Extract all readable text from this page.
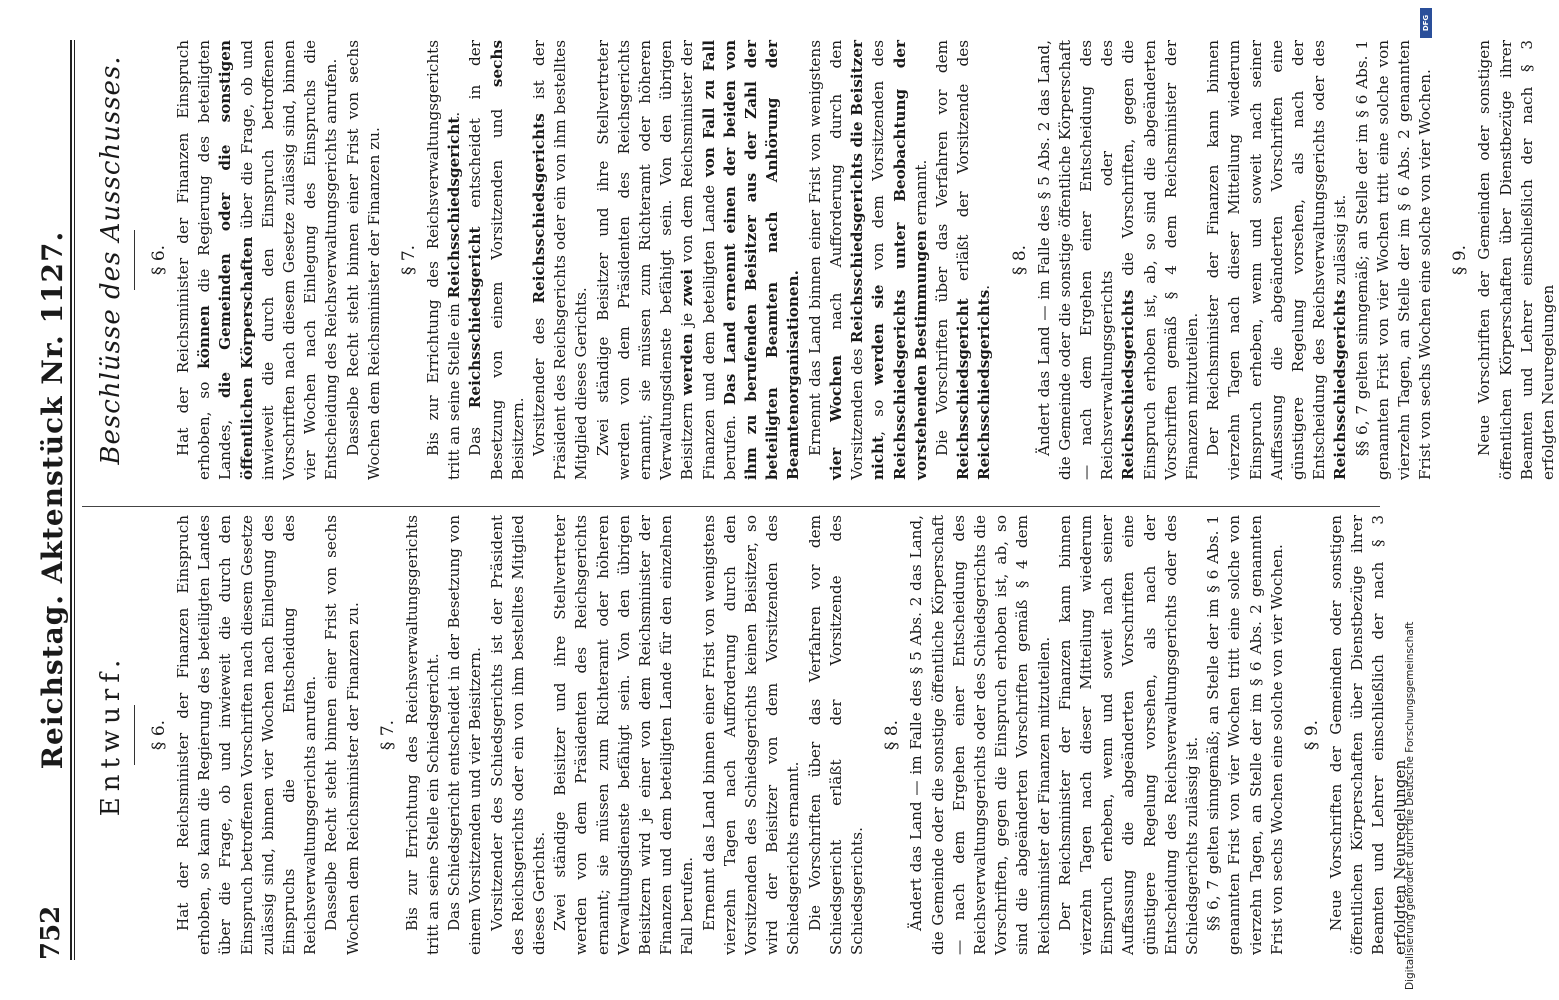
752
Reichstag. Aktenstück Nr. 1127. Entwurf. § 6. Hat der Reichsminister der Finanzen Einspruch erhoben, so kann die Regierung des beteiligten Landes über die Frage, ob und inwieweit die durch den Einspruch betroffenen Vorschriften nach diesem Gesetze zulässig sind, binnen vier Wochen nach Einlegung des Einspruchs die Entscheidung des Reichsverwaltungsgerichts anrufen. Dasselbe Recht steht binnen einer Frist von sechs Wochen dem Reichsminister der Finanzen zu. § 7. Bis zur Errichtung des Reichsverwaltungsgerichts tritt an seine Stelle ein Schiedsgericht. Das Schiedsgericht entscheidet in der Besetzung von einem Vorsitzenden und vier Beisitzern. Vorsitzender des Schiedsgerichts ist der Präsident des Reichsgerichts oder ein von ihm bestelltes Mitglied dieses Gerichts. Zwei ständige Beisitzer und ihre Stellvertreter werden von dem Präsidenten des Reichsgerichts ernannt; sie müssen zum Richteramt oder höheren Verwaltungsdienste befähigt sein. Von den übrigen Beisitzern wird je einer von dem Reichsminister der Finanzen und dem beteiligten Lande für den einzelnen Fall berufen. Ernennt das Land binnen einer Frist von wenigstens vierzehn Tagen nach Aufforderung durch den Vorsitzenden des Schiedsgerichts keinen Beisitzer, so wird der Beisitzer von dem Vorsitzenden des Schiedsgerichts ernannt. Die Vorschriften über das Verfahren vor dem Schiedsgericht erläßt der Vorsitzende des Schiedsgerichts.

§ 8. Ändert das Land — im Falle des § 5 Abs. 2 das Land, die Gemeinde oder die sonstige öffentliche Körperschaft — nach dem Ergehen einer Entscheidung des Reichsverwaltungsgerichts oder des Schiedsgerichts die Vorschriften, gegen die Einspruch erhoben ist, ab, so sind die abgeänderten Vorschriften gemäß § 4 dem Reichsminister der Finanzen mitzuteilen. Der Reichsminister der Finanzen kann binnen vierzehn Tagen nach dieser Mitteilung wiederum Einspruch erheben, wenn und soweit nach seiner Auffassung die abgeänderten Vorschriften eine günstigere Regelung vorsehen, als nach der Entscheidung des Reichsverwaltungsgerichts oder des Schiedsgerichts zulässig ist. §§ 6, 7 gelten sinngemäß; an Stelle der im § 6 Abs. 1 genannten Frist von vier Wochen tritt eine solche von vierzehn Tagen, an Stelle der im § 6 Abs. 2 genannten Frist von sechs Wochen eine solche von vier Wochen. § 9. Neue Vorschriften der Gemeinden oder sonstigen öffentlichen Körperschaften über Dienstbezüge ihrer Beamten und Lehrer einschließlich der nach § 3 erfolgten Neuregelungen

Beschlüsse des Ausschusses. § 6. Hat der Reichsminister der Finanzen Einspruch erhoben, so können die Regierung des beteiligten Landes, die Gemeinden oder die sonstigen öffentlichen Körperschaften über die Frage, ob und inwieweit die durch den Einspruch betroffenen Vorschriften nach diesem Gesetze zulässig sind, binnen vier Wochen nach Einlegung des Einspruchs die Entscheidung des Reichsverwaltungsgerichts anrufen. Dasselbe Recht steht binnen einer Frist von sechs Wochen dem Reichsminister der Finanzen zu. § 7. Bis zur Errichtung des Reichsverwaltungsgerichts tritt an seine Stelle ein Reichsschiedsgericht.

Das Reichsschiedsgericht entscheidet in der Besetzung von einem Vorsitzenden und sechs Beisitzern. Vorsitzender des Reichsschiedsgerichts ist der Präsident des Reichsgerichts oder ein von ihm bestelltes Mitglied dieses Gerichts. Zwei ständige Beisitzer und ihre Stellvertreter werden von dem Präsidenten des Reichsgerichts ernannt; sie müssen zum Richteramt oder höheren Verwaltungsdienste befähigt sein. Von den übrigen Beisitzern werden je zwei von dem Reichsminister der Finanzen und dem beteiligten Lande von Fall zu Fall berufen. Das Land ernennt einen der beiden von ihm zu berufenden Beisitzer aus der Zahl der beteiligten Beamten nach Anhörung der Beamtenorganisationen. Ernennt das Land binnen einer Frist von wenigstens vier Wochen nach Aufforderung durch den Vorsitzenden des Reichsschiedsgerichts die Beisitzer nicht, so werden sie von dem Vorsitzenden des Reichsschiedsgerichts unter Beobachtung der vorstehenden Bestimmungen ernannt. Die Vorschriften über das Verfahren vor dem Reichsschiedsgericht erläßt der Vorsitzende des Reichsschiedsgerichts.

§ 8. Ändert das Land — im Falle des § 5 Abs. 2 das Land, die Gemeinde oder die sonstige öffentliche Körperschaft — nach dem Ergehen einer Entscheidung des Reichsverwaltungsgerichts oder des Reichsschiedsgerichts die Vorschriften, gegen die Einspruch erhoben ist, ab, so sind die abgeänderten Vorschriften gemäß § 4 dem Reichsminister der Finanzen mitzuteilen. Der Reichsminister der Finanzen kann binnen vierzehn Tagen nach dieser Mitteilung wiederum Einspruch erheben, wenn und soweit nach seiner Auffassung die abgeänderten Vorschriften eine günstigere Regelung vorsehen, als nach der Entscheidung des Reichsverwaltungsgerichts oder des Reichsschiedsgerichts zulässig ist. §§ 6, 7 gelten sinngemäß; an Stelle der im § 6 Abs. 1 genannten Frist von vier Wochen tritt eine solche von vierzehn Tagen, an Stelle der im § 6 Abs. 2 genannten Frist von sechs Wochen eine solche von vier Wochen. § 9. Neue Vorschriften der Gemeinden oder sonstigen öffentlichen Körperschaften über Dienstbezüge ihrer Beamten und Lehrer einschließlich der nach § 3 erfolgten Neuregelungen

Digitalisierung gefördert durch die Deutsche Forschungsgemeinschaft
DFG
